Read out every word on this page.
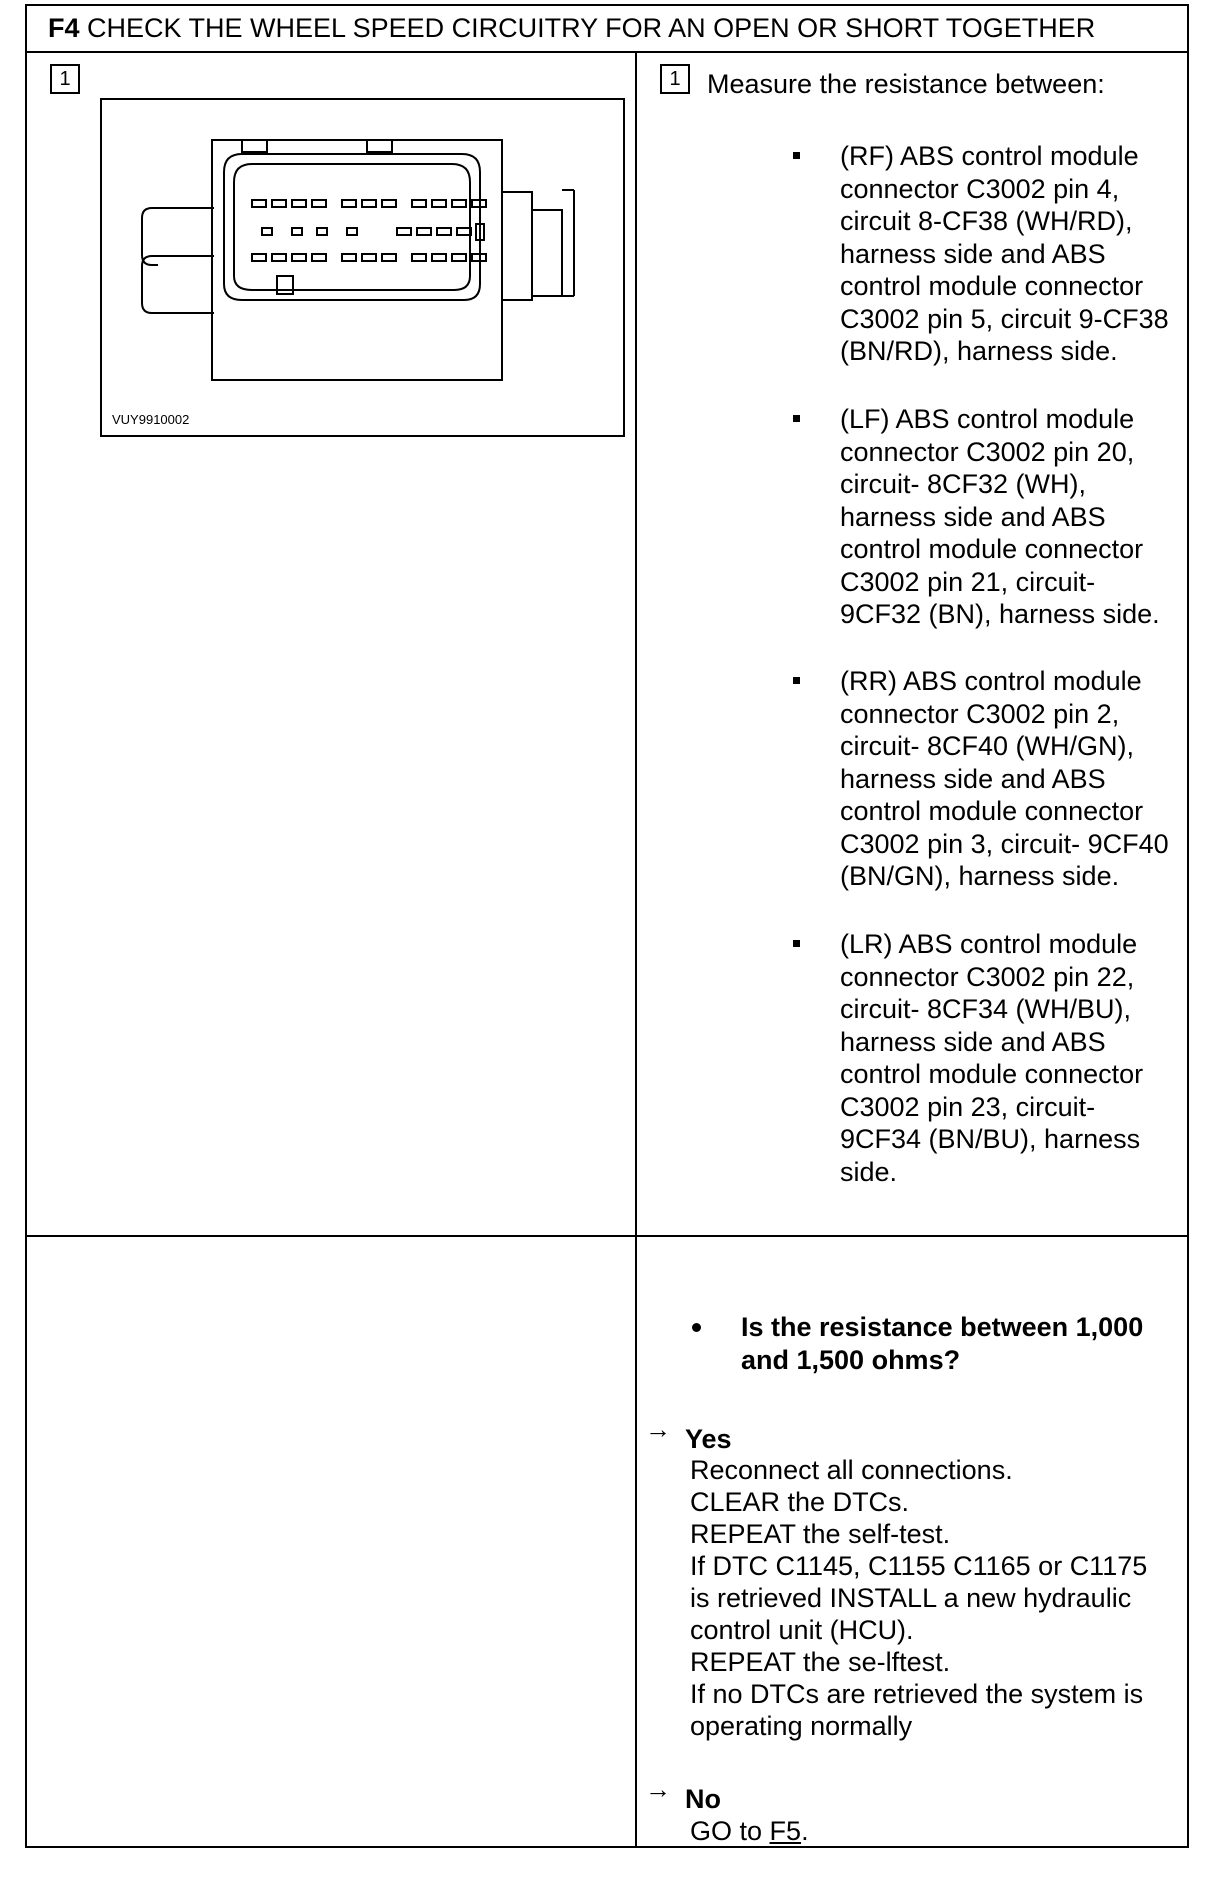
F4 CHECK THE WHEEL SPEED CIRCUITRY FOR AN OPEN OR SHORT TOGETHER
1
VUY9910002
1 Measure the resistance between:
(RF) ABS control module
connector C3002 pin 4,
circuit 8-CF38 (WH/RD),
harness side and ABS
control module connector
C3002 pin 5, circuit 9-CF38
(BN/RD), harness side.
(LF) ABS control module
connector C3002 pin 20,
circuit- 8CF32 (WH),
harness side and ABS
control module connector
C3002 pin 21, circuit-
9CF32 (BN), harness side.
(RR) ABS control module
connector C3002 pin 2,
circuit- 8CF40 (WH/GN),
harness side and ABS
control module connector
C3002 pin 3, circuit- 9CF40
(BN/GN), harness side.
(LR) ABS control module
connector C3002 pin 22,
circuit- 8CF34 (WH/BU),
harness side and ABS
control module connector
C3002 pin 23, circuit-
9CF34 (BN/BU), harness
side.
Is the resistance between 1,000
and 1,500 ohms?
→ Yes
Reconnect all connections.
CLEAR the DTCs.
REPEAT the self-test.
If DTC C1145, C1155 C1165 or C1175
is retrieved INSTALL a new hydraulic
control unit (HCU).
REPEAT the se-lftest.
If no DTCs are retrieved the system is
operating normally
→ No
GO to F5.
